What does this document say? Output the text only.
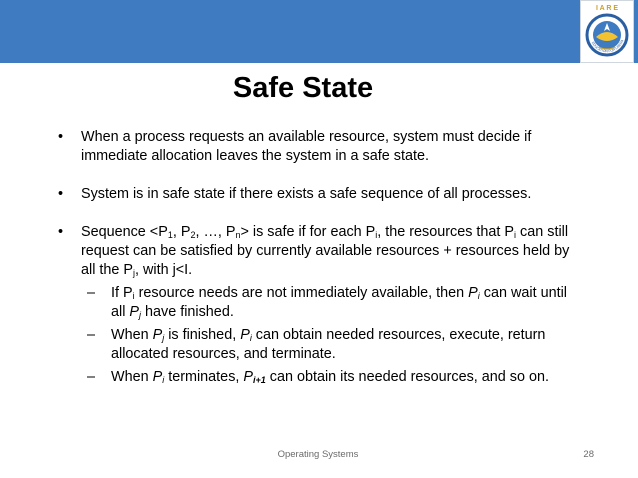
I A R E
EDUCATION FOR LIBERA
Safe State
• When a process requests an available resource, system must decide if immediate allocation leaves the system in a safe state.
• System is in safe state if there exists a safe sequence of all processes.
• Sequence $<P_1$, $P_2$, …, $P_n>$ is safe if for each $P_i$, the resources that $P_i$ can still request can be satisfied by currently available resources + resources held by all the $P_j$, with j<I.
– If $P_i$ resource needs are not immediately available, then $P_i$ can wait until all $P_j$ have finished.
– When $P_j$ is finished, $P_i$ can obtain needed resources, execute, return allocated resources, and terminate.
– When $P_i$ terminates, $P_{i+1}$ can obtain its needed resources, and so on.
Operating Systems	28
